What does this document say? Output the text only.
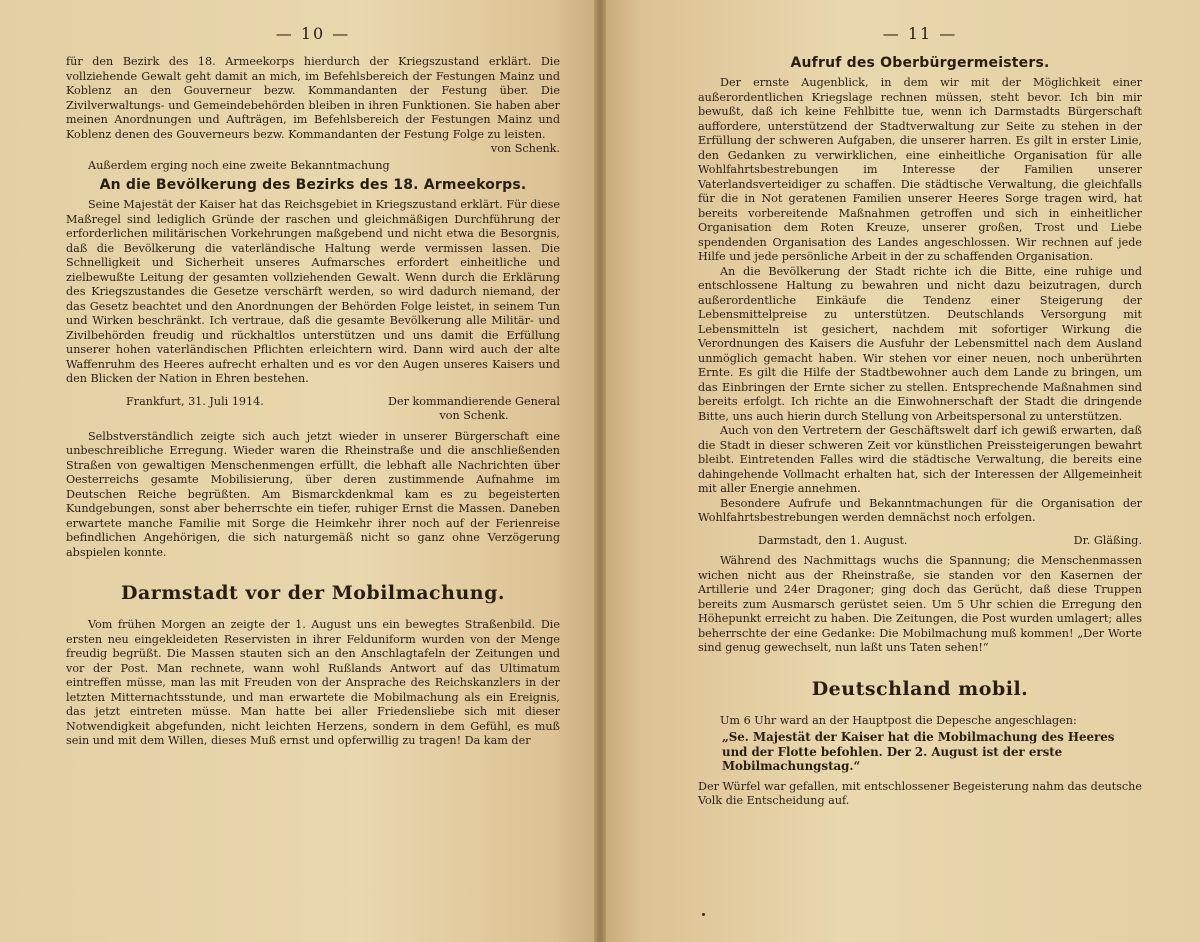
— 10 —

für den Bezirk des 18. Armeekorps hierdurch der Kriegszustand erklärt. Die vollziehende Gewalt geht damit an mich, im Befehlsbereich der Festungen Mainz und Koblenz an den Gouverneur bezw. Kommandanten der Festung über. Die Zivilverwaltungs- und Gemeindebehörden bleiben in ihren Funktionen. Sie haben aber meinen Anordnungen und Aufträgen, im Befehlsbereich der Festungen Mainz und Koblenz denen des Gouverneurs bezw. Kommandanten der Festung Folge zu leisten.

von Schenk.

Außerdem erging noch eine zweite Bekanntmachung

An die Bevölkerung des Bezirks des 18. Armeekorps.

Seine Majestät der Kaiser hat das Reichsgebiet in Kriegszustand erklärt. Für diese Maßregel sind lediglich Gründe der raschen und gleichmäßigen Durchführung der erforderlichen militärischen Vorkehrungen maßgebend und nicht etwa die Besorgnis, daß die Bevölkerung die vaterländische Haltung werde vermissen lassen. Die Schnelligkeit und Sicherheit unseres Aufmarsches erfordert einheitliche und zielbewußte Leitung der gesamten vollziehenden Gewalt. Wenn durch die Erklärung des Kriegszustandes die Gesetze verschärft werden, so wird dadurch niemand, der das Gesetz beachtet und den Anordnungen der Behörden Folge leistet, in seinem Tun und Wirken beschränkt. Ich vertraue, daß die gesamte Bevölkerung alle Militär- und Zivilbehörden freudig und rückhaltlos unterstützen und uns damit die Erfüllung unserer hohen vaterländischen Pflichten erleichtern wird. Dann wird auch der alte Waffenruhm des Heeres aufrecht erhalten und es vor den Augen unseres Kaisers und den Blicken der Nation in Ehren bestehen.

Frankfurt, 31. Juli 1914.	Der kommandierende General
von Schenk.

Selbstverständlich zeigte sich auch jetzt wieder in unserer Bürgerschaft eine unbeschreibliche Erregung. Wieder waren die Rheinstraße und die anschließenden Straßen von gewaltigen Menschenmengen erfüllt, die lebhaft alle Nachrichten über Oesterreichs gesamte Mobilisierung, über deren zustimmende Aufnahme im Deutschen Reiche begrüßten. Am Bismarckdenkmal kam es zu begeisterten Kundgebungen, sonst aber beherrschte ein tiefer, ruhiger Ernst die Massen. Daneben erwartete manche Familie mit Sorge die Heimkehr ihrer noch auf der Ferienreise befindlichen Angehörigen, die sich naturgemäß nicht so ganz ohne Verzögerung abspielen konnte.

Darmstadt vor der Mobilmachung.

Vom frühen Morgen an zeigte der 1. August uns ein bewegtes Straßenbild. Die ersten neu eingekleideten Reservisten in ihrer Felduniform wurden von der Menge freudig begrüßt. Die Massen stauten sich an den Anschlagtafeln der Zeitungen und vor der Post. Man rechnete, wann wohl Rußlands Antwort auf das Ultimatum eintreffen müsse, man las mit Freuden von der Ansprache des Reichskanzlers in der letzten Mitternachtsstunde, und man erwartete die Mobilmachung als ein Ereignis, das jetzt eintreten müsse. Man hatte bei aller Friedensliebe sich mit dieser Notwendigkeit abgefunden, nicht leichten Herzens, sondern in dem Gefühl, es muß sein und mit dem Willen, dieses Muß ernst und opferwillig zu tragen! Da kam der

— 11 —
Aufruf des Oberbürgermeisters.

Der ernste Augenblick, in dem wir mit der Möglichkeit einer außerordentlichen Kriegslage rechnen müssen, steht bevor. Ich bin mir bewußt, daß ich keine Fehlbitte tue, wenn ich Darmstadts Bürgerschaft auffordere, unterstützend der Stadtverwaltung zur Seite zu stehen in der Erfüllung der schweren Aufgaben, die unserer harren. Es gilt in erster Linie, den Gedanken zu verwirklichen, eine einheitliche Organisation für alle Wohlfahrtsbestrebungen im Interesse der Familien unserer Vaterlandsverteidiger zu schaffen. Die städtische Verwaltung, die gleichfalls für die in Not geratenen Familien unserer Heeres Sorge tragen wird, hat bereits vorbereitende Maßnahmen getroffen und sich in einheitlicher Organisation dem Roten Kreuze, unserer großen, Trost und Liebe spendenden Organisation des Landes angeschlossen. Wir rechnen auf jede Hilfe und jede persönliche Arbeit in der zu schaffenden Organisation.

An die Bevölkerung der Stadt richte ich die Bitte, eine ruhige und entschlossene Haltung zu bewahren und nicht dazu beizutragen, durch außerordentliche Einkäufe die Tendenz einer Steigerung der Lebensmittelpreise zu unterstützen. Deutschlands Versorgung mit Lebensmitteln ist gesichert, nachdem mit sofortiger Wirkung die Verordnungen des Kaisers die Ausfuhr der Lebensmittel nach dem Ausland unmöglich gemacht haben. Wir stehen vor einer neuen, noch unberührten Ernte. Es gilt die Hilfe der Stadtbewohner auch dem Lande zu bringen, um das Einbringen der Ernte sicher zu stellen. Entsprechende Maßnahmen sind bereits erfolgt. Ich richte an die Einwohnerschaft der Stadt die dringende Bitte, uns auch hierin durch Stellung von Arbeitspersonal zu unterstützen.

Auch von den Vertretern der Geschäftswelt darf ich gewiß erwarten, daß die Stadt in dieser schweren Zeit vor künstlichen Preissteigerungen bewahrt bleibt. Eintretenden Falles wird die städtische Verwaltung, die bereits eine dahingehende Vollmacht erhalten hat, sich der Interessen der Allgemeinheit mit aller Energie annehmen.

Besondere Aufrufe und Bekanntmachungen für die Organisation der Wohlfahrtsbestrebungen werden demnächst noch erfolgen.

Darmstadt, den 1. August.	Dr. Gläßing.

Während des Nachmittags wuchs die Spannung; die Menschenmassen wichen nicht aus der Rheinstraße, sie standen vor den Kasernen der Artillerie und 24er Dragoner; ging doch das Gerücht, daß diese Truppen bereits zum Ausmarsch gerüstet seien. Um 5 Uhr schien die Erregung den Höhepunkt erreicht zu haben. Die Zeitungen, die Post wurden umlagert; alles beherrschte der eine Gedanke: Die Mobilmachung muß kommen! „Der Worte sind genug gewechselt, nun laßt uns Taten sehen!“

Deutschland mobil.

Um 6 Uhr ward an der Hauptpost die Depesche angeschlagen:

„Se. Majestät der Kaiser hat die Mobilmachung des Heeres und der Flotte befohlen. Der 2. August ist der erste Mobilmachungstag.“

Der Würfel war gefallen, mit entschlossener Begeisterung nahm das deutsche Volk die Entscheidung auf.
